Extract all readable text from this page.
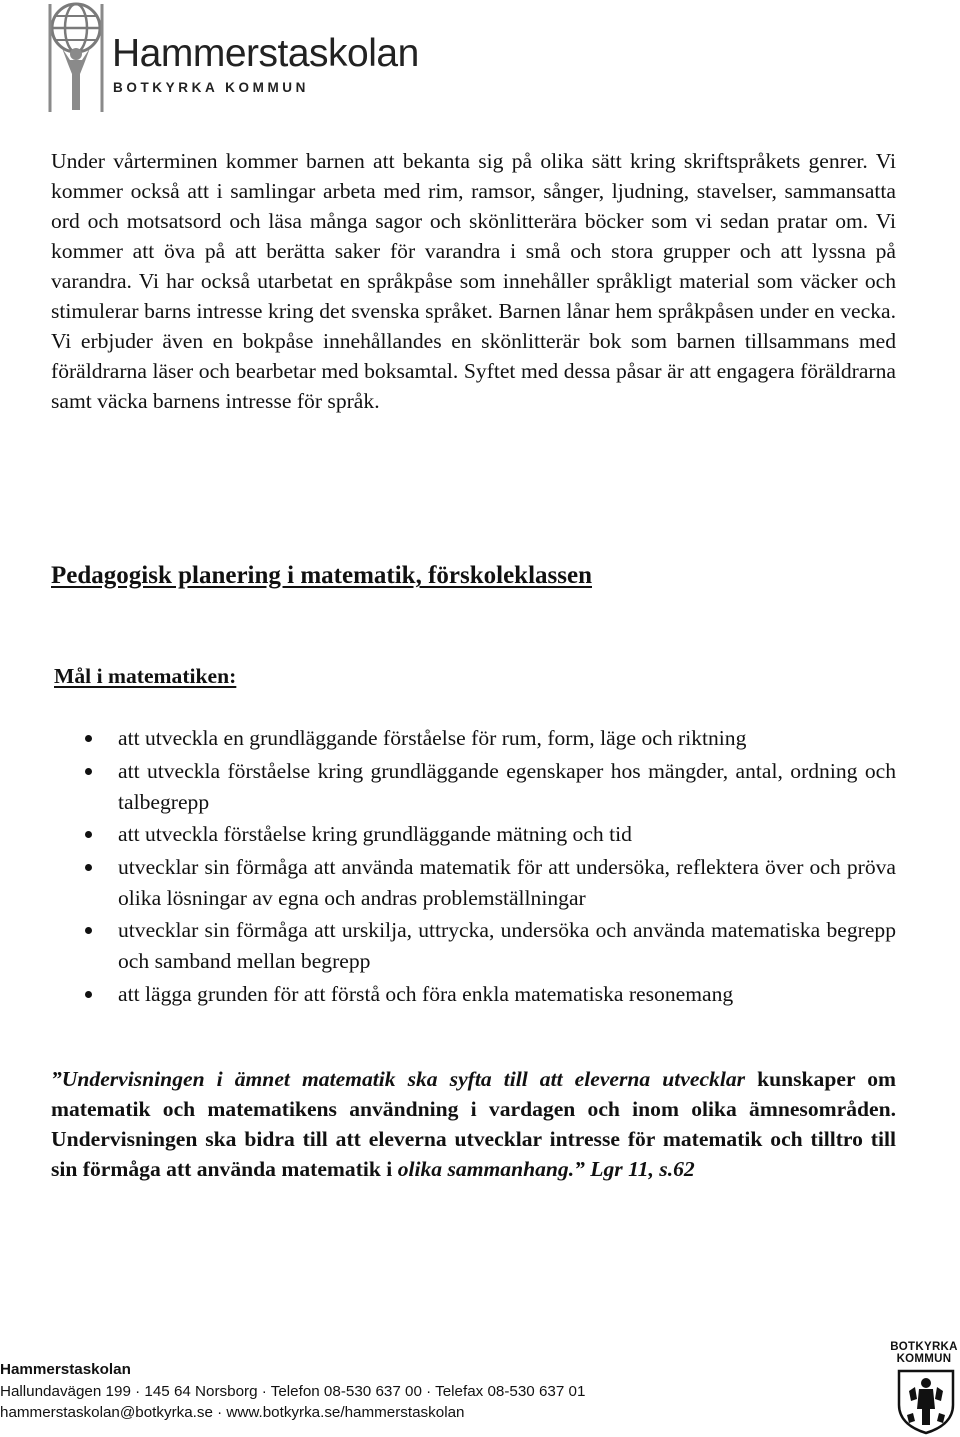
Hammerstaskolan
BOTKYRKA KOMMUN

Under vårterminen kommer barnen att bekanta sig på olika sätt kring skriftspråkets genrer. Vi kommer också att i samlingar arbeta med rim, ramsor, sånger, ljudning, stavelser, sammansatta ord och motsatsord och läsa många sagor och skönlitterära böcker som vi sedan pratar om. Vi kommer att öva på att berätta saker för varandra i små och stora grupper och att lyssna på varandra. Vi har också utarbetat en språkpåse som innehåller språkligt material som väcker och stimulerar barns intresse kring det svenska språket. Barnen lånar hem språkpåsen under en vecka. Vi erbjuder även en bokpåse innehållandes en skönlitterär bok som barnen tillsammans med föräldrarna läser och bearbetar med boksamtal. Syftet med dessa påsar är att engagera föräldrarna samt väcka barnens intresse för språk.

Pedagogisk planering i matematik, förskoleklassen
Mål i matematiken:
att utveckla en grundläggande förståelse för rum, form, läge och riktning
att utveckla förståelse kring grundläggande egenskaper hos mängder, antal, ordning och talbegrepp
att utveckla förståelse kring grundläggande mätning och tid
utvecklar sin förmåga att använda matematik för att undersöka, reflektera över och pröva olika lösningar av egna och andras problemställningar
utvecklar sin förmåga att urskilja, uttrycka, undersöka och använda matematiska begrepp och samband mellan begrepp
att lägga grunden för att förstå och föra enkla matematiska resonemang

”Undervisningen i ämnet matematik ska syfta till att eleverna utvecklar kunskaper om matematik och matematikens användning i vardagen och inom olika ämnesområden. Undervisningen ska bidra till att eleverna utvecklar intresse för matematik och tilltro till sin förmåga att använda matematik i olika sammanhang.” Lgr 11, s.62

Hammerstaskolan
Hallundavägen 199 · 145 64 Norsborg · Telefon 08-530 637 00 · Telefax 08-530 637 01
hammerstaskolan@botkyrka.se · www.botkyrka.se/hammerstaskolan
BOTKYRKA
KOMMUN
